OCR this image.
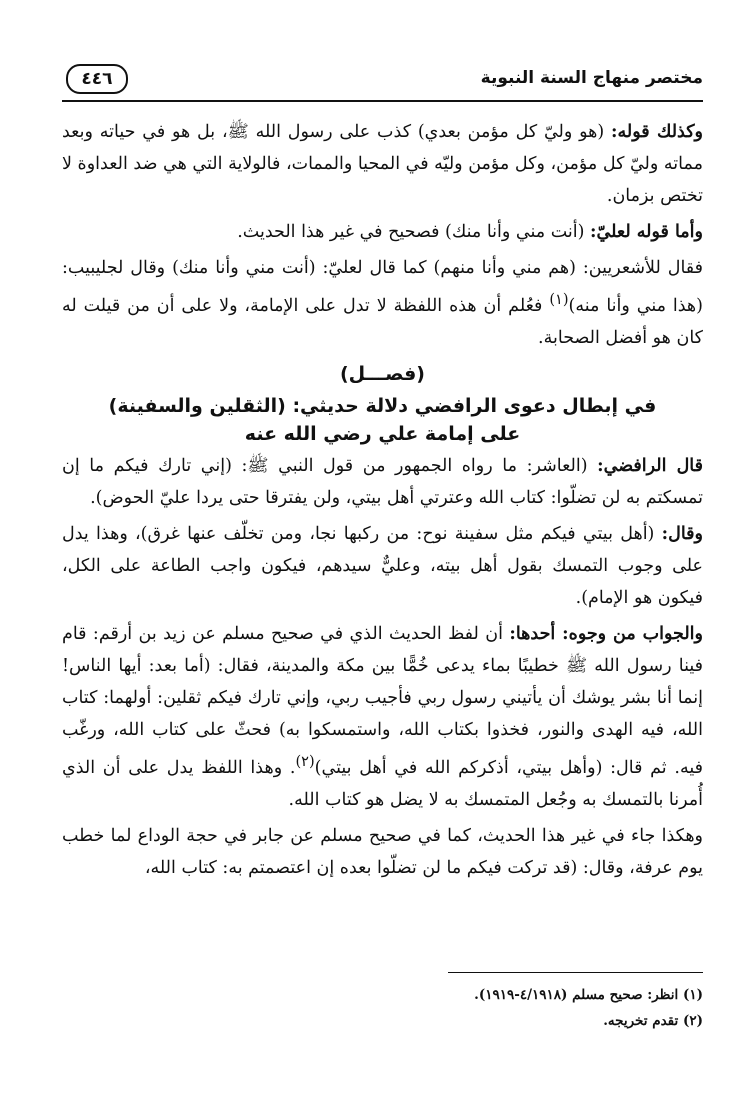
مختصر منهاج السنة النبوية
٤٤٦

وكذلك قوله: (هو وليّ كل مؤمن بعدي) كذب على رسول الله ﷺ، بل هو في حياته وبعد مماته وليّ كل مؤمن، وكل مؤمن وليّه في المحيا والممات، فالولاية التي هي ضد العداوة لا تختص بزمان.

وأما قوله لعليّ: (أنت مني وأنا منك) فصحيح في غير هذا الحديث.

فقال للأشعريين: (هم مني وأنا منهم) كما قال لعليّ: (أنت مني وأنا منك) وقال لجليبيب: (هذا مني وأنا منه)$^{(١)}$ فعُلم أن هذه اللفظة لا تدل على الإمامة، ولا على أن من قيلت له كان هو أفضل الصحابة.

(فصـــل)
في إبطال دعوى الرافضي دلالة حديثي: (الثقلين والسفينة)
على إمامة علي رضي الله عنه

قال الرافضي: (العاشر: ما رواه الجمهور من قول النبي ﷺ: (إني تارك فيكم ما إن تمسكتم به لن تضلّوا: كتاب الله وعترتي أهل بيتي، ولن يفترقا حتى يردا عليّ الحوض).

وقال: (أهل بيتي فيكم مثل سفينة نوح: من ركبها نجا، ومن تخلّف عنها غرق)، وهذا يدل على وجوب التمسك بقول أهل بيته، وعليٌّ سيدهم، فيكون واجب الطاعة على الكل، فيكون هو الإمام).

والجواب من وجوه: أحدها: أن لفظ الحديث الذي في صحيح مسلم عن زيد بن أرقم: قام فينا رسول الله ﷺ خطيبًا بماء يدعى خُمًّا بين مكة والمدينة، فقال: (أما بعد: أيها الناس! إنما أنا بشر يوشك أن يأتيني رسول ربي فأجيب ربي، وإني تارك فيكم ثقلين: أولهما: كتاب الله، فيه الهدى والنور، فخذوا بكتاب الله، واستمسكوا به) فحثّ على كتاب الله، ورغّب فيه. ثم قال: (وأهل بيتي، أذكركم الله في أهل بيتي)$^{(٢)}$. وهذا اللفظ يدل على أن الذي أُمرنا بالتمسك به وجُعل المتمسك به لا يضل هو كتاب الله.

وهكذا جاء في غير هذا الحديث، كما في صحيح مسلم عن جابر في حجة الوداع لما خطب يوم عرفة، وقال: (قد تركت فيكم ما لن تضلّوا بعده إن اعتصمتم به: كتاب الله،

(١) انظر: صحيح مسلم (٤/١٩١٨-١٩١٩).
(٢) تقدم تخريجه.
